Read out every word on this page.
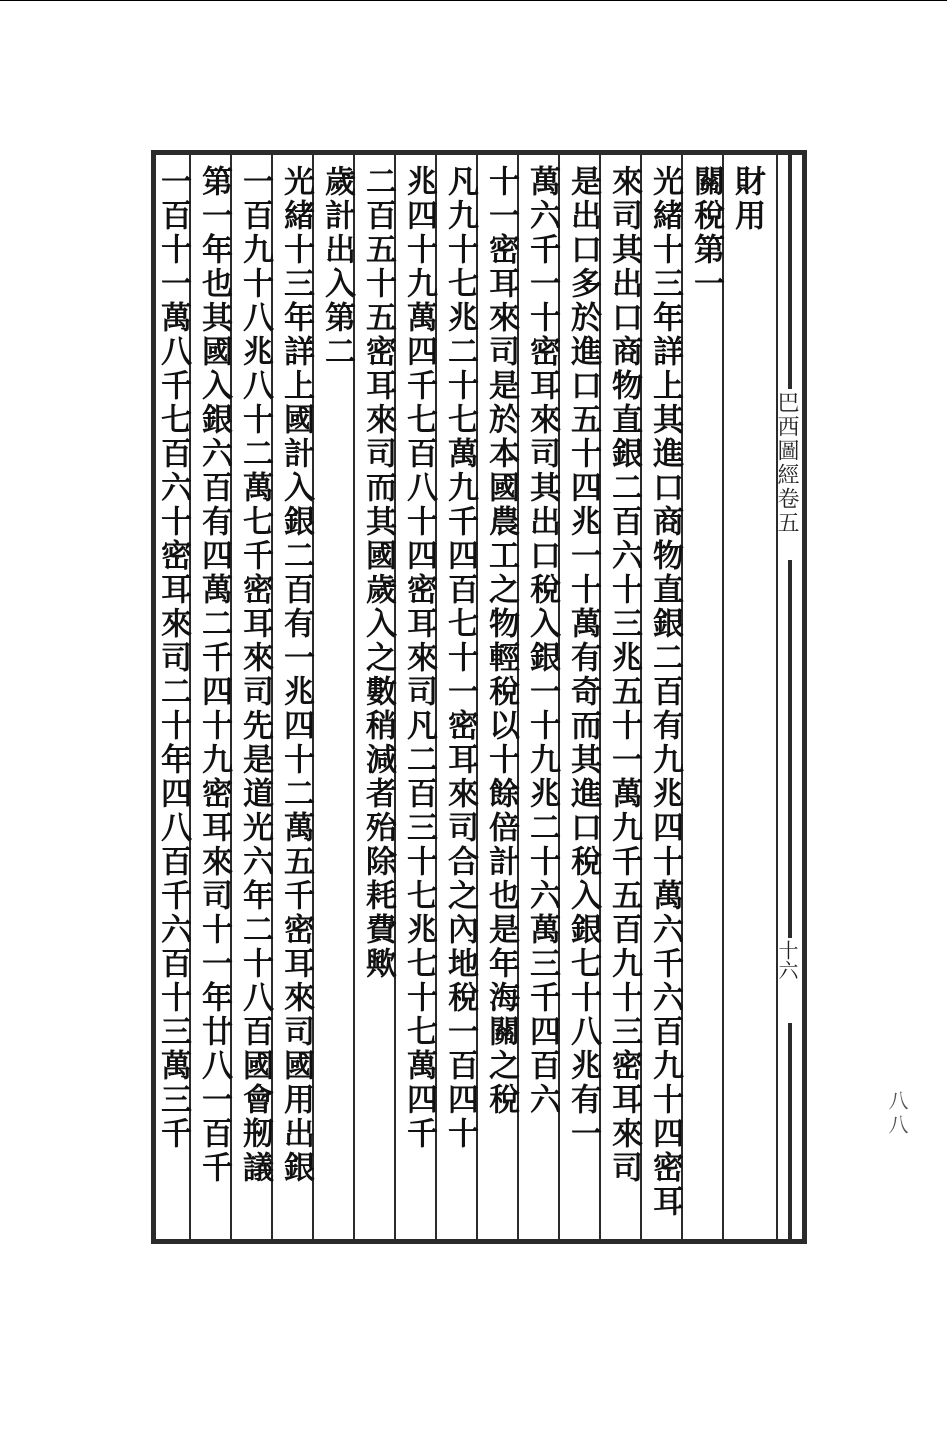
巴西圖經卷五
十六
財用
關稅第一
光緒十三年詳上其進口商物直銀二百有九兆四十萬六千六百九十四密耳
來司其出口商物直銀二百六十三兆五十一萬九千五百九十三密耳來司
是出口多於進口五十四兆一十萬有奇而其進口稅入銀七十八兆有一
萬六千一十密耳來司其出口稅入銀一十九兆二十六萬三千四百六
十一密耳來司是於本國農工之物輕稅以十餘倍計也是年海關之稅
凡九十七兆二十七萬九千四百七十一密耳來司合之內地稅一百四十
兆四十九萬四千七百八十四密耳來司凡二百三十七兆七十七萬四千
二百五十五密耳來司而其國歲入之數稍減者殆除耗費歟
歲計出入第二
光緒十三年詳上國計入銀二百有一兆四十二萬五千密耳來司國用出銀
一百九十八兆八十二萬七千密耳來司先是道光六年二十八百國會剏議
第一年也其國入銀六百有四萬二千四十九密耳來司十一年廿八一百千
一百十一萬八千七百六十密耳來司二十年四八百千六百十三萬三千	八八
